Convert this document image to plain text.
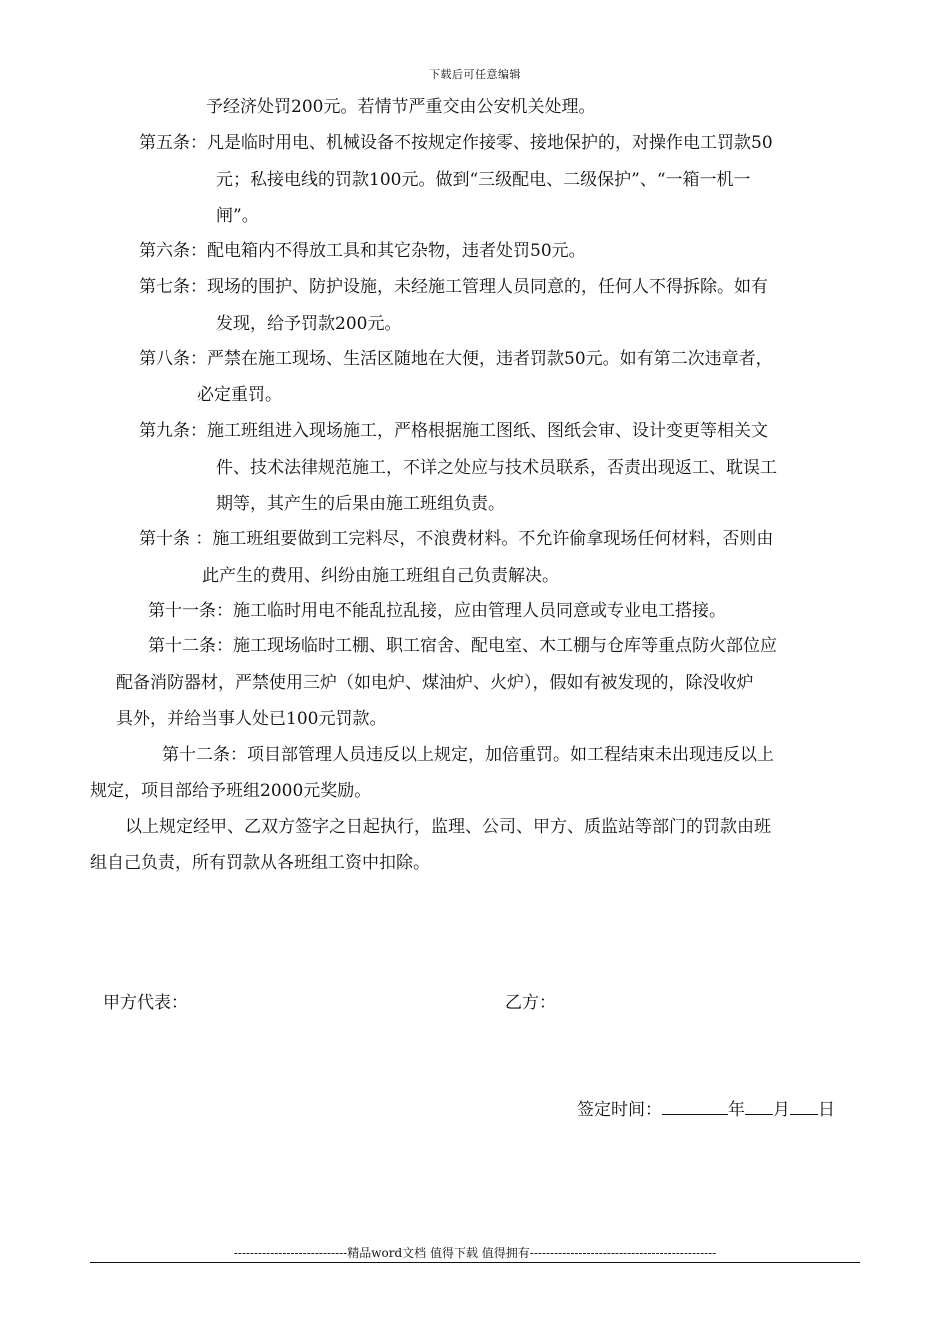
下载后可任意编辑
予经济处罚200元。若情节严重交由公安机关处理。
第五条：凡是临时用电、机械设备不按规定作接零、接地保护的，对操作电工罚款50
元；私接电线的罚款100元。做到“三级配电、二级保护”、“一箱一机一
闸”。
第六条：配电箱内不得放工具和其它杂物，违者处罚50元。
第七条：现场的围护、防护设施，未经施工管理人员同意的，任何人不得拆除。如有
发现，给予罚款200元。
第八条：严禁在施工现场、生活区随地在大便，违者罚款50元。如有第二次违章者，
必定重罚。
第九条：施工班组进入现场施工，严格根据施工图纸、图纸会审、设计变更等相关文
件、技术法律规范施工，不详之处应与技术员联系，否责出现返工、耽误工
期等，其产生的后果由施工班组负责。
第十条 ：施工班组要做到工完料尽，不浪费材料。不允许偷拿现场任何材料，否则由
此产生的费用、纠纷由施工班组自己负责解决。
第十一条：施工临时用电不能乱拉乱接，应由管理人员同意或专业电工搭接。
第十二条：施工现场临时工棚、职工宿舍、配电室、木工棚与仓库等重点防火部位应
配备消防器材，严禁使用三炉（如电炉、煤油炉、火炉），假如有被发现的，除没收炉
具外，并给当事人处已100元罚款。
第十二条：项目部管理人员违反以上规定，加倍重罚。如工程结束未出现违反以上
规定，项目部给予班组2000元奖励。
以上规定经甲、乙双方签字之日起执行，监理、公司、甲方、质监站等部门的罚款由班
组自己负责，所有罚款从各班组工资中扣除。
甲方代表：	乙方：
签定时间：	年 月 日
----------------------------精品word文档 值得下载 值得拥有----------------------------------------------
